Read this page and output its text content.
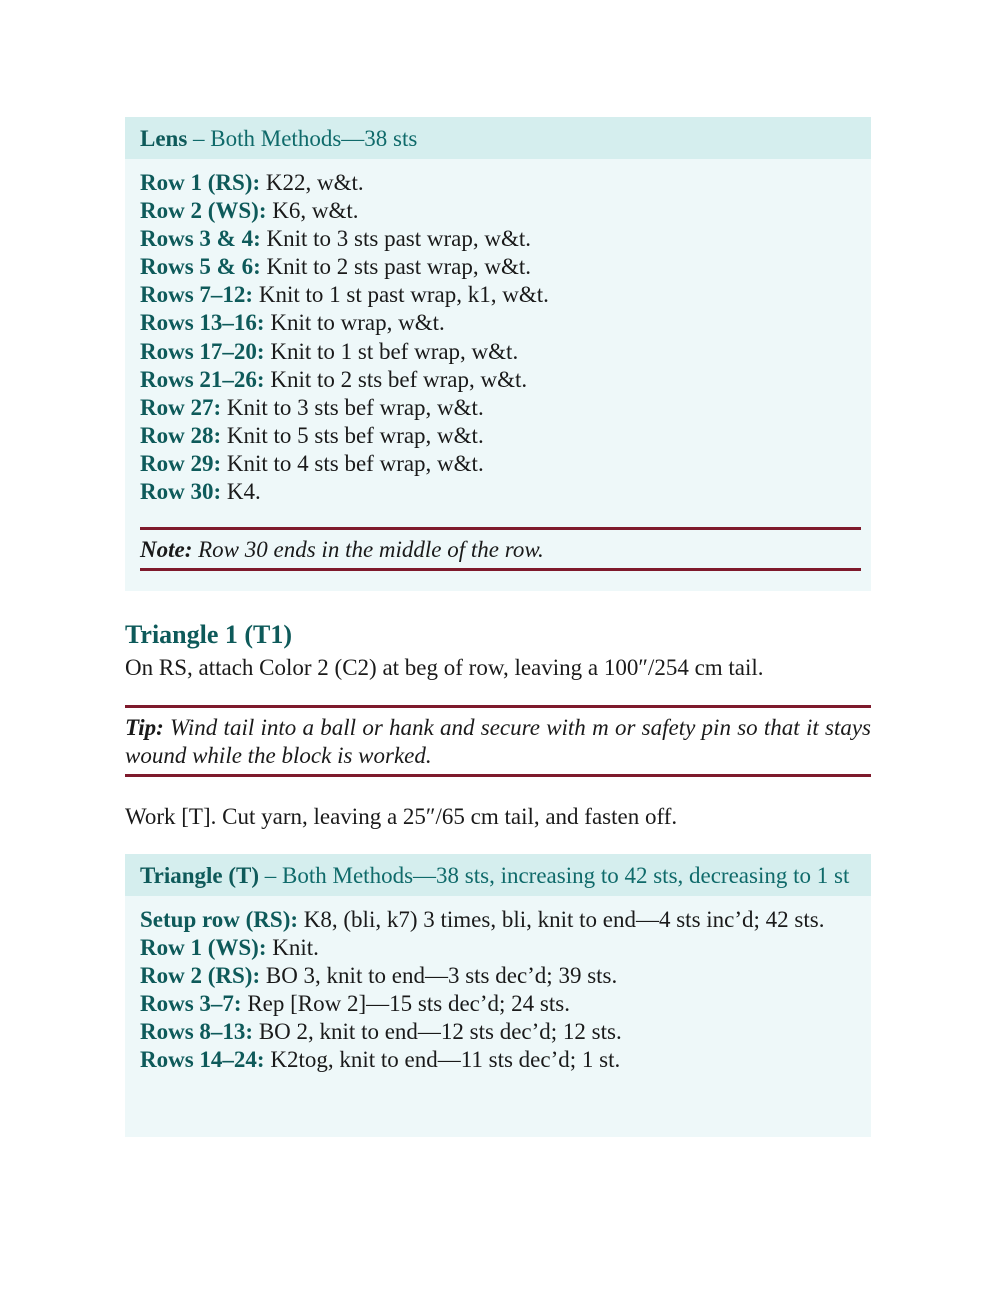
Lens – Both Methods—38 sts
Row 1 (RS): K22, w&t.
Row 2 (WS): K6, w&t.
Rows 3 & 4: Knit to 3 sts past wrap, w&t.
Rows 5 & 6: Knit to 2 sts past wrap, w&t.
Rows 7–12: Knit to 1 st past wrap, k1, w&t.
Rows 13–16: Knit to wrap, w&t.
Rows 17–20: Knit to 1 st bef wrap, w&t.
Rows 21–26: Knit to 2 sts bef wrap, w&t.
Row 27: Knit to 3 sts bef wrap, w&t.
Row 28: Knit to 5 sts bef wrap, w&t.
Row 29: Knit to 4 sts bef wrap, w&t.
Row 30: K4.
Note: Row 30 ends in the middle of the row.
Triangle 1 (T1)
On RS, attach Color 2 (C2) at beg of row, leaving a 100″/254 cm tail.
Tip: Wind tail into a ball or hank and secure with m or safety pin so that it stays wound while the block is worked.
Work [T]. Cut yarn, leaving a 25″/65 cm tail, and fasten off.
Triangle (T) – Both Methods—38 sts, increasing to 42 sts, decreasing to 1 st
Setup row (RS): K8, (bli, k7) 3 times, bli, knit to end—4 sts inc’d; 42 sts.
Row 1 (WS): Knit.
Row 2 (RS): BO 3, knit to end—3 sts dec’d; 39 sts.
Rows 3–7: Rep [Row 2]—15 sts dec’d; 24 sts.
Rows 8–13: BO 2, knit to end—12 sts dec’d; 12 sts.
Rows 14–24: K2tog, knit to end—11 sts dec’d; 1 st.
